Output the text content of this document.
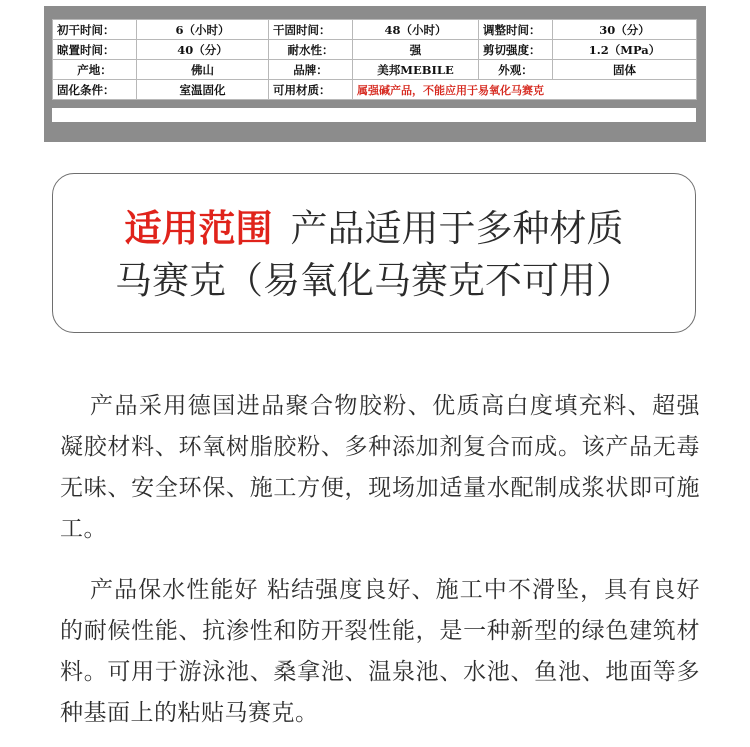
初干时间：	6（小时）	干固时间：	48（小时）	调整时间：	30（分）
晾置时间：	40（分）	耐水性：	强	剪切强度：	1.2（MPa）
产地：	佛山	品牌：	美邦MEBILE	外观：	固体
固化条件：	室温固化	可用材质：	属强碱产品，不能应用于易氧化马赛克		
适用范围 产品适用于多种材质
马赛克（易氧化马赛克不可用）
产品采用德国进品聚合物胶粉、优质高白度填充料、超强凝胶材料、环氧树脂胶粉、多种添加剂复合而成。该产品无毒无味、安全环保、施工方便，现场加适量水配制成浆状即可施工。
产品保水性能好 粘结强度良好、施工中不滑坠，具有良好的耐候性能、抗渗性和防开裂性能，是一种新型的绿色建筑材料。可用于游泳池、桑拿池、温泉池、水池、鱼池、地面等多种基面上的粘贴马赛克。
